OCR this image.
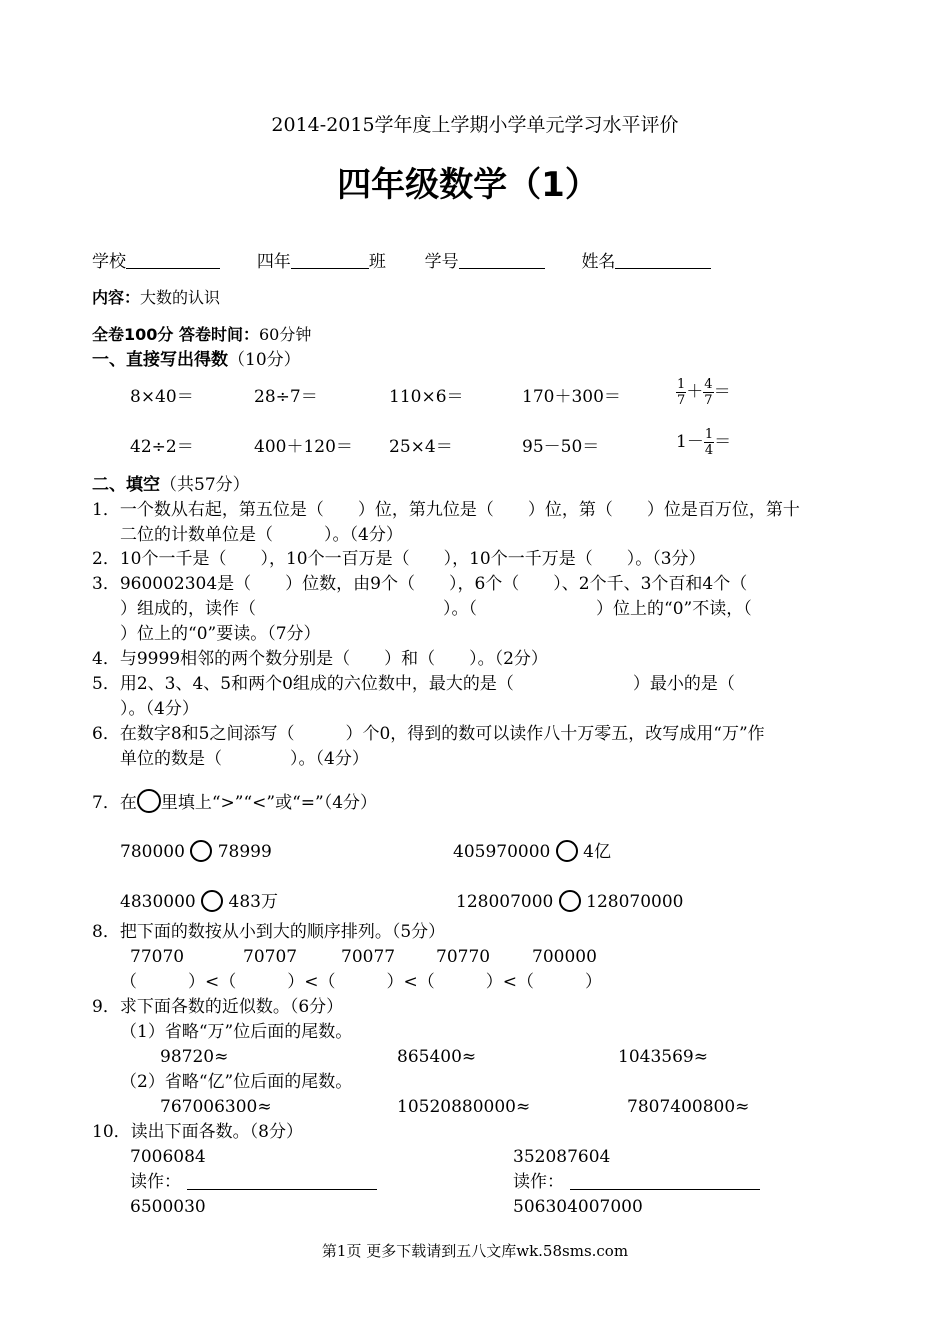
2014-2015学年度上学期小学单元学习水平评价
四年级数学（1）
学校	四年	班 学号	姓名
内容：大数的认识
全卷100分 答卷时间：60分钟
一、直接写出得数（10分）
8×40＝	28÷7＝	110×6＝	170＋300＝	$\frac{1}{7} + \frac{4}{7}$ ＝
42÷2＝	400＋120＝ 25×4＝	95－50＝	$1- \frac{1}{4}$ ＝
二、填空（共57分）
1．一个数从右起，第五位是（　　）位，第九位是（　　）位，第（　　）位是百万位，第十
二位的计数单位是（　　　）。（4分）
2．10个一千是（　　），10个一百万是（　　），10个一千万是（　　）。（3分）
3．960002304是（　　）位数，由9个（　　），6个（　　）、2个千、3个百和4个（
）组成的，读作（　　　　　　　　　　　）。（　　　　　　　）位上的“0”不读，（
）位上的“0”要读。（7分）
4．与9999相邻的两个数分别是（　　）和（　　）。（2分）
5．用2、3、4、5和两个0组成的六位数中，最大的是（　　　　　　　）最小的是（
）。（4分）
6．在数字8和5之间添写（　　　）个0，得到的数可以读作八十万零五，改写成用“万”作
单位的数是（　　　　）。（4分）
7．在 里填上“>”“<”或“=”（4分）
780000 78999	405970000 4亿
4830000 483万	128007000 128070000
8．把下面的数按从小到大的顺序排列。（5分）
77070	70707	70077 70770 700000
（　　　）<（　　　）<（　　　）<（　　　）<（　　　）
9．求下面各数的近似数。（6分）
（1）省略“万”位后面的尾数。
98720≈	865400≈	1043569≈
（2）省略“亿”位后面的尾数。
767006300≈	10520880000≈	7807400800≈
10．读出下面各数。（8分）
7006084	352087604
读作：	读作：
6500030	506304007000
第1页 更多下载请到五八文库wk.58sms.com
